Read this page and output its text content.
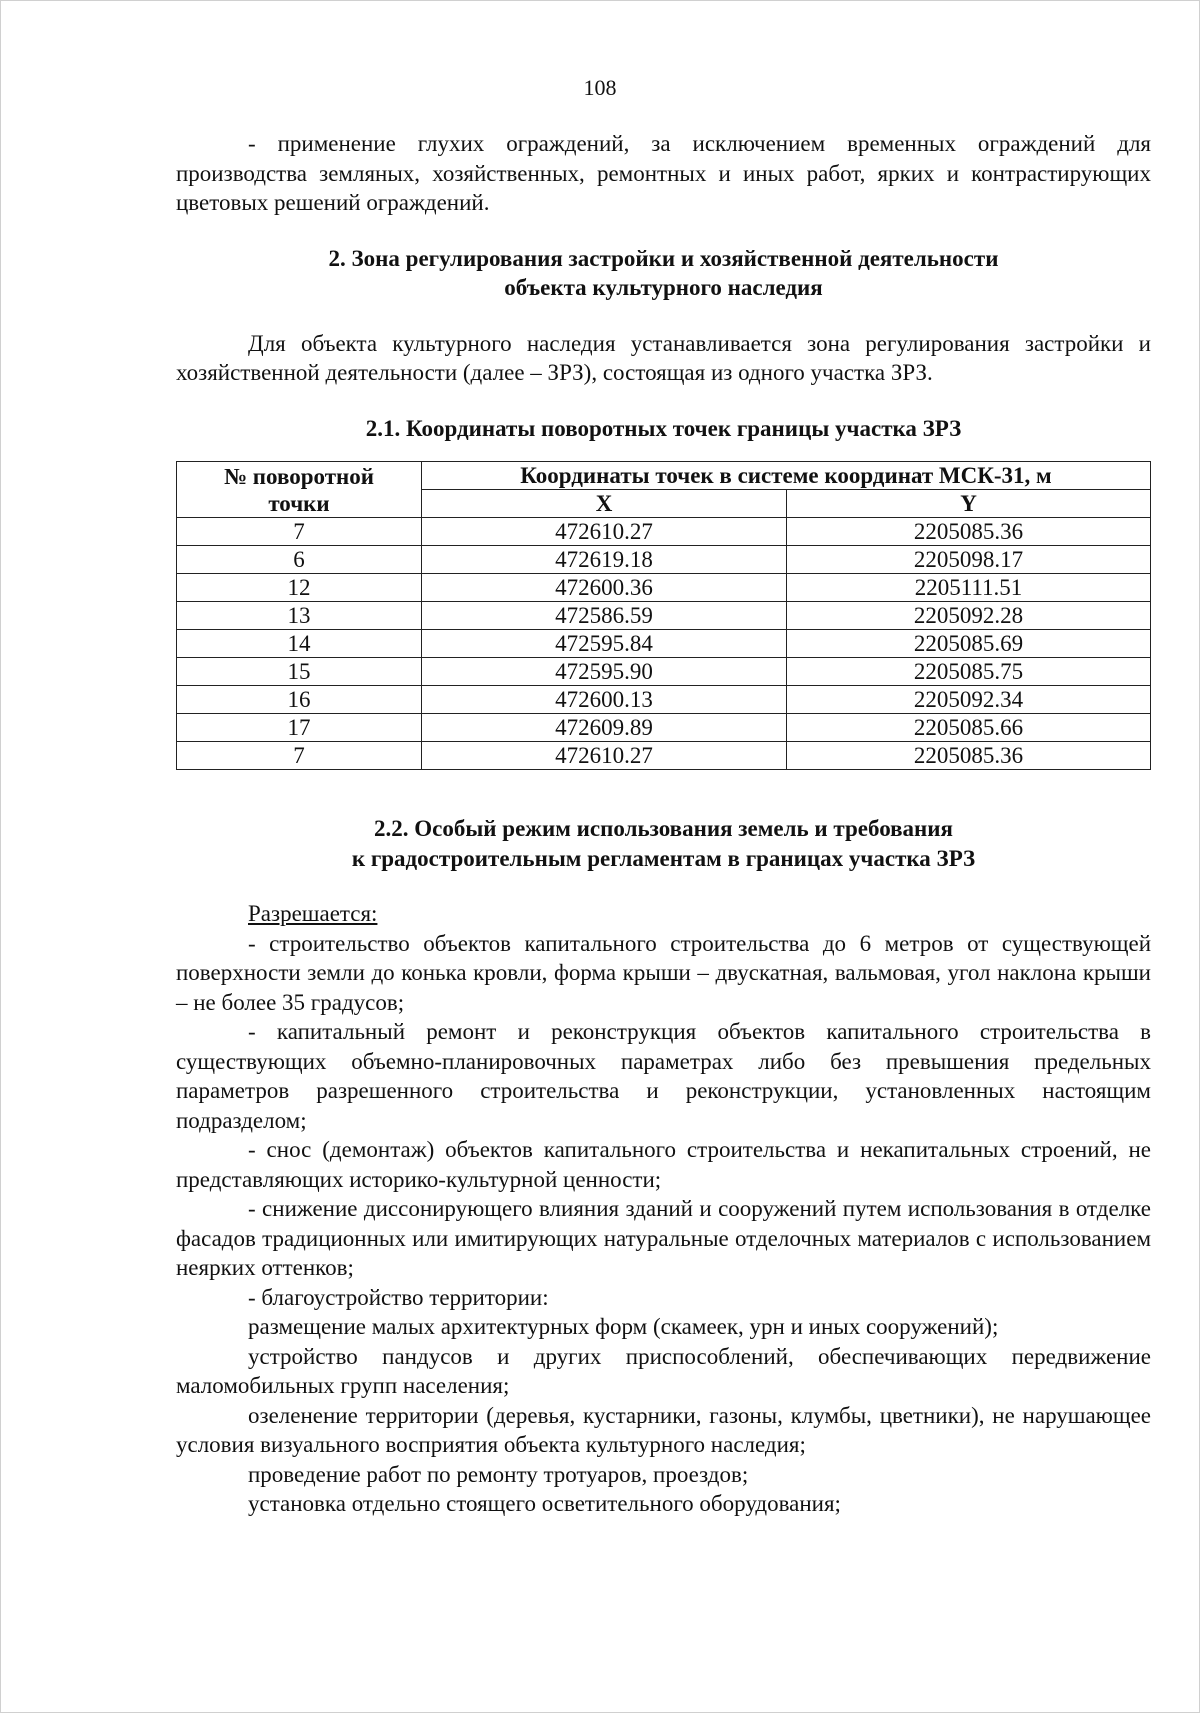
108

- применение глухих ограждений, за исключением временных ограждений для производства земляных, хозяйственных, ремонтных и иных работ, ярких и контрастирующих цветовых решений ограждений.

2. Зона регулирования застройки и хозяйственной деятельности

объекта культурного наследия

Для объекта культурного наследия устанавливается зона регулирования застройки и хозяйственной деятельности (далее – ЗРЗ), состоящая из одного участка ЗРЗ.

2.1. Координаты поворотных точек границы участка ЗРЗ

№ поворотной
точки	Координаты точек в системе координат МСК-31, м	
	X	Y
7	472610.27	2205085.36
6	472619.18	2205098.17
12	472600.36	2205111.51
13	472586.59	2205092.28
14	472595.84	2205085.69
15	472595.90	2205085.75
16	472600.13	2205092.34
17	472609.89	2205085.66
7	472610.27	2205085.36

2.2. Особый режим использования земель и требования

к градостроительным регламентам в границах участка ЗРЗ

Разрешается:

- строительство объектов капитального строительства до 6 метров от существующей поверхности земли до конька кровли, форма крыши – двускатная, вальмовая, угол наклона крыши – не более 35 градусов;

- капитальный ремонт и реконструкция объектов капитального строительства в существующих объемно-планировочных параметрах либо без превышения предельных параметров разрешенного строительства и реконструкции, установленных настоящим подразделом;

- снос (демонтаж) объектов капитального строительства и некапитальных строений, не представляющих историко-культурной ценности;

- снижение диссонирующего влияния зданий и сооружений путем использования в отделке фасадов традиционных или имитирующих натуральные отделочных материалов с использованием неярких оттенков;

- благоустройство территории:

размещение малых архитектурных форм (скамеек, урн и иных сооружений);

устройство пандусов и других приспособлений, обеспечивающих передвижение маломобильных групп населения;

озеленение территории (деревья, кустарники, газоны, клумбы, цветники), не нарушающее условия визуального восприятия объекта культурного наследия;

проведение работ по ремонту тротуаров, проездов;

установка отдельно стоящего осветительного оборудования;
